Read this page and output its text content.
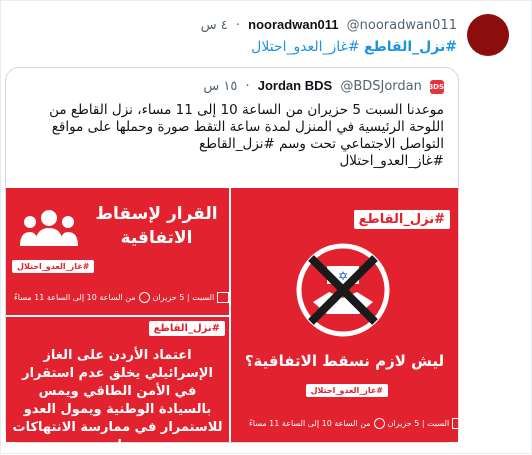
nooradwan011 @nooradwan011 · ٤ س
#نزل_القاطع #غاز_العدو_احتلال
BDS Jordan BDS @BDSJordan · ١٥ س
موعدنا السبت 5 حزيران من الساعة 10 إلى 11 مساء، نزل القاطع من اللوحة الرئيسية في المنزل لمدة ساعة التقط صورة وحملها على مواقع التواصل الاجتماعي تحت وسم #نزل_القاطع
#غاز_العدو_احتلال
القرار لإسقاط الاتفاقية
#غاز_العدو_احتلال
السبت | 5 حزيرانمن الساعة 10 إلى الساعة 11 مساءً
#نزل_القاطع
اعتماد الأردن على الغاز الإسرائيلي يخلق عدم استقرار في الأمن الطاقي ويمس بالسيادة الوطنية ويمول العدو للاستمرار في ممارسة الانتهاكات على
#نزل_القاطع
✡
ليش لازم نسقط الاتفاقية؟
#غاز_العدو_احتلال
السبت | 5 حزيرانمن الساعة 10 إلى الساعة 11 مساءً
